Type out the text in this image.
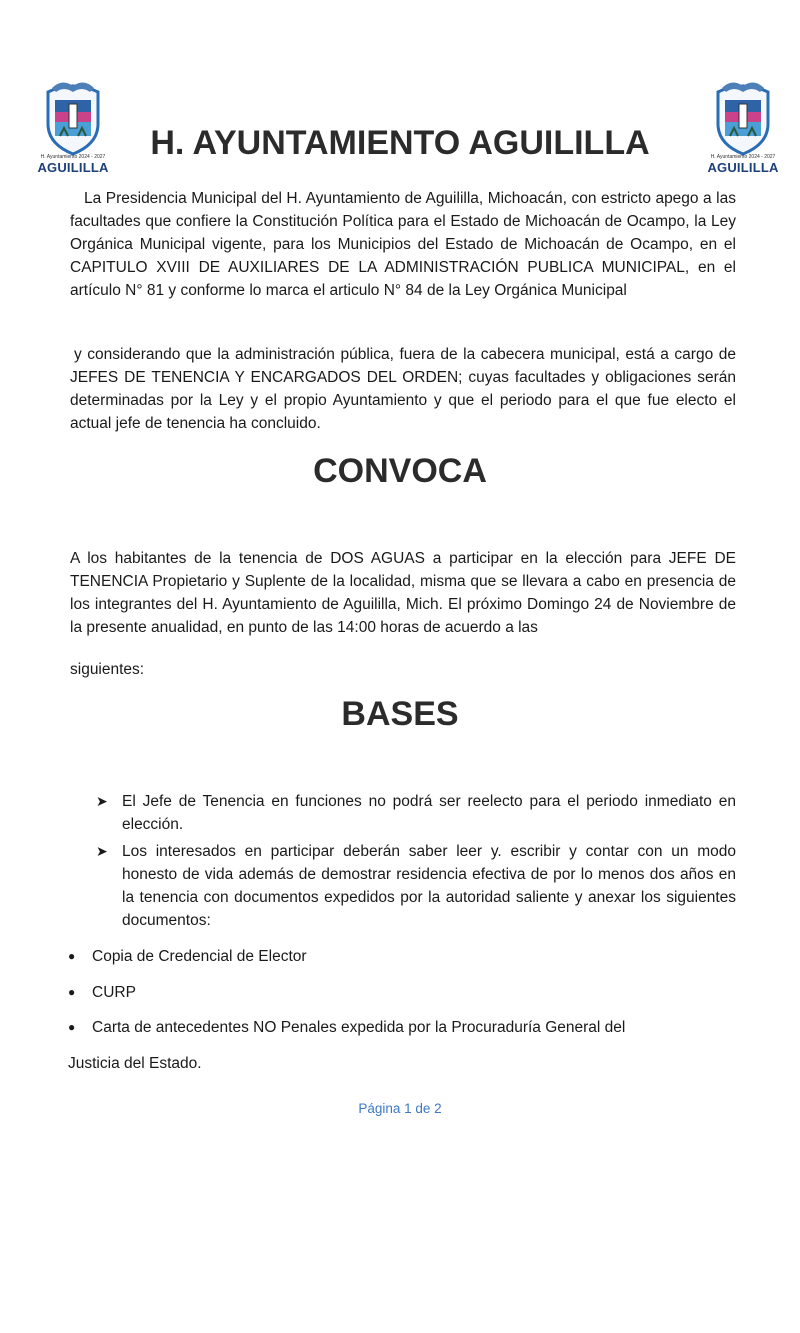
H. Ayuntamiento 2024 - 2027
AGUILILLA
H. Ayuntamiento 2024 - 2027
AGUILILLA
H. AYUNTAMIENTO AGUILILLA

La Presidencia Municipal del H. Ayuntamiento de Aguililla, Michoacán, con estricto apego a las facultades que confiere la Constitución Política para el Estado de Michoacán de Ocampo, la Ley Orgánica Municipal vigente, para los Municipios del Estado de Michoacán de Ocampo, en el CAPITULO XVIII DE AUXILIARES DE LA ADMINISTRACIÓN PUBLICA MUNICIPAL, en el artículo N° 81 y conforme lo marca el articulo N° 84 de la Ley Orgánica Municipal

y considerando que la administración pública, fuera de la cabecera municipal, está a cargo de JEFES DE TENENCIA Y ENCARGADOS DEL ORDEN; cuyas facultades y obligaciones serán determinadas por la Ley y el propio Ayuntamiento y que el periodo para el que fue electo el actual jefe de tenencia ha concluido.

CONVOCA

A los habitantes de la tenencia de DOS AGUAS a participar en la elección para JEFE DE TENENCIA Propietario y Suplente de la localidad, misma que se llevara a cabo en presencia de los integrantes del H. Ayuntamiento de Aguililla, Mich. El próximo Domingo 24 de Noviembre de la presente anualidad, en punto de las 14:00 horas de acuerdo a las

siguientes:

BASES
➤ El Jefe de Tenencia en funciones no podrá ser reelecto para el periodo inmediato en elección.
➤ Los interesados en participar deberán saber leer y. escribir y contar con un modo honesto de vida además de demostrar residencia efectiva de por lo menos dos años en la tenencia con documentos expedidos por la autoridad saliente y anexar los siguientes documentos:
● Copia de Credencial de Elector
● CURP
● Carta de antecedentes NO Penales expedida por la Procuraduría General del
Justicia del Estado.
Página 1 de 2
